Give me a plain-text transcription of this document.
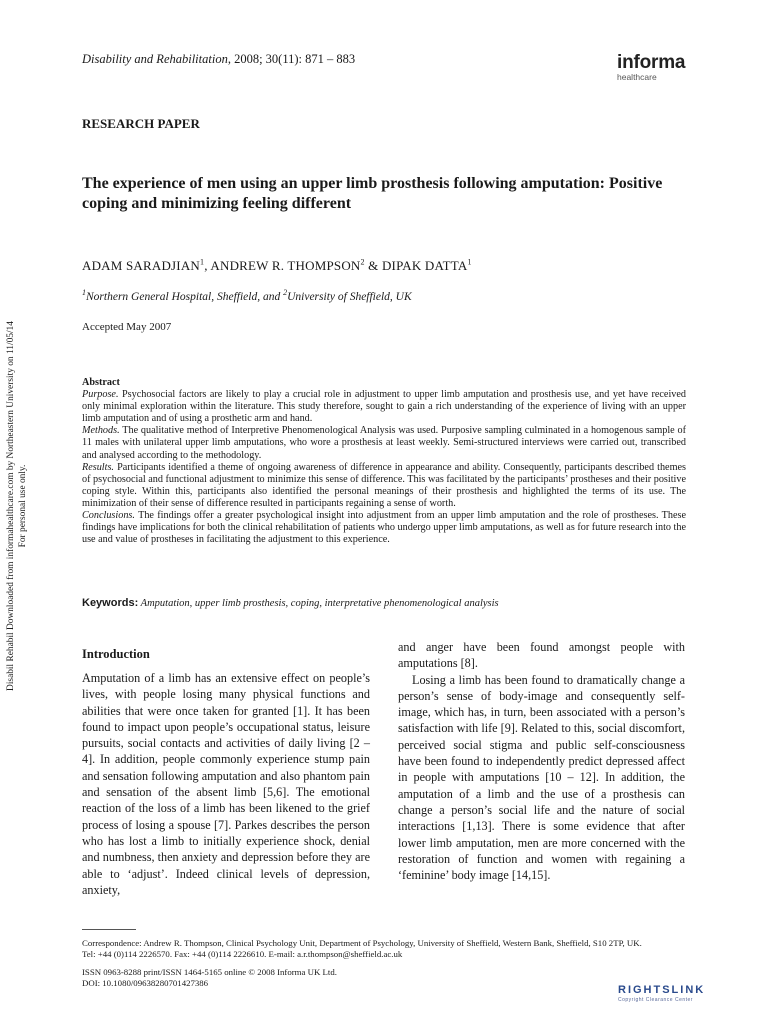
Disability and Rehabilitation, 2008; 30(11): 871 – 883	informa
healthcare
RESEARCH PAPER
The experience of men using an upper limb prosthesis following amputation: Positive coping and minimizing feeling different
ADAM SARADJIAN$^1$, ANDREW R. THOMPSON$^2$ & DIPAK DATTA$^1$
$^1$Northern General Hospital, Sheffield, and $^2$University of Sheffield, UK
Accepted May 2007

Abstract

Purpose. Psychosocial factors are likely to play a crucial role in adjustment to upper limb amputation and prosthesis use, and yet have received only minimal exploration within the literature. This study therefore, sought to gain a rich understanding of the experience of living with an upper limb amputation and of using a prosthetic arm and hand.

Methods. The qualitative method of Interpretive Phenomenological Analysis was used. Purposive sampling culminated in a homogenous sample of 11 males with unilateral upper limb amputations, who wore a prosthesis at least weekly. Semi-structured interviews were carried out, transcribed and analysed according to the methodology.

Results. Participants identified a theme of ongoing awareness of difference in appearance and ability. Consequently, participants described themes of psychosocial and functional adjustment to minimize this sense of difference. This was facilitated by the participants’ prostheses and their positive coping style. Within this, participants also identified the personal meanings of their prosthesis and highlighted the terms of its use. The minimization of their sense of difference resulted in participants regaining a sense of worth.

Conclusions. The findings offer a greater psychological insight into adjustment from an upper limb amputation and the role of prostheses. These findings have implications for both the clinical rehabilitation of patients who undergo upper limb amputations, as well as for future research into the use and value of prostheses in facilitating the adjustment to this experience.

Keywords: Amputation, upper limb prosthesis, coping, interpretative phenomenological analysis
Introduction

Amputation of a limb has an extensive effect on people’s lives, with people losing many physical functions and abilities that were once taken for granted [1]. It has been found to impact upon people’s occupational status, leisure pursuits, social contacts and activities of daily living [2 – 4]. In addition, people commonly experience stump pain and sensation following amputation and also phantom pain and sensation of the absent limb [5,6]. The emotional reaction of the loss of a limb has been likened to the grief process of losing a spouse [7]. Parkes describes the person who has lost a limb to initially experience shock, denial and numbness, then anxiety and depression before they are able to ‘adjust’. Indeed clinical levels of depression, anxiety,

and anger have been found amongst people with amputations [8].

Losing a limb has been found to dramatically change a person’s sense of body-image and consequently self-image, which has, in turn, been associated with a person’s satisfaction with life [9]. Related to this, social discomfort, perceived social stigma and public self-consciousness have been found to independently predict depressed affect in people with amputations [10 – 12]. In addition, the amputation of a limb and the use of a prosthesis can change a person’s social life and the nature of social interactions [1,13]. There is some evidence that after lower limb amputation, men are more concerned with the restoration of function and women with regaining a ‘feminine’ body image [14,15].

Correspondence: Andrew R. Thompson, Clinical Psychology Unit, Department of Psychology, University of Sheffield, Western Bank, Sheffield, S10 2TP, UK.

Tel: +44 (0)114 2226570. Fax: +44 (0)114 2226610. E-mail: a.r.thompson@sheffield.ac.uk

ISSN 0963-8288 print/ISSN 1464-5165 online © 2008 Informa UK Ltd.

DOI: 10.1080/09638280701427386

Disabil Rehabil Downloaded from informahealthcare.com by Northeastern University on 11/05/14 For personal use only.
RIGHTSLINK
Copyright Clearance Center
